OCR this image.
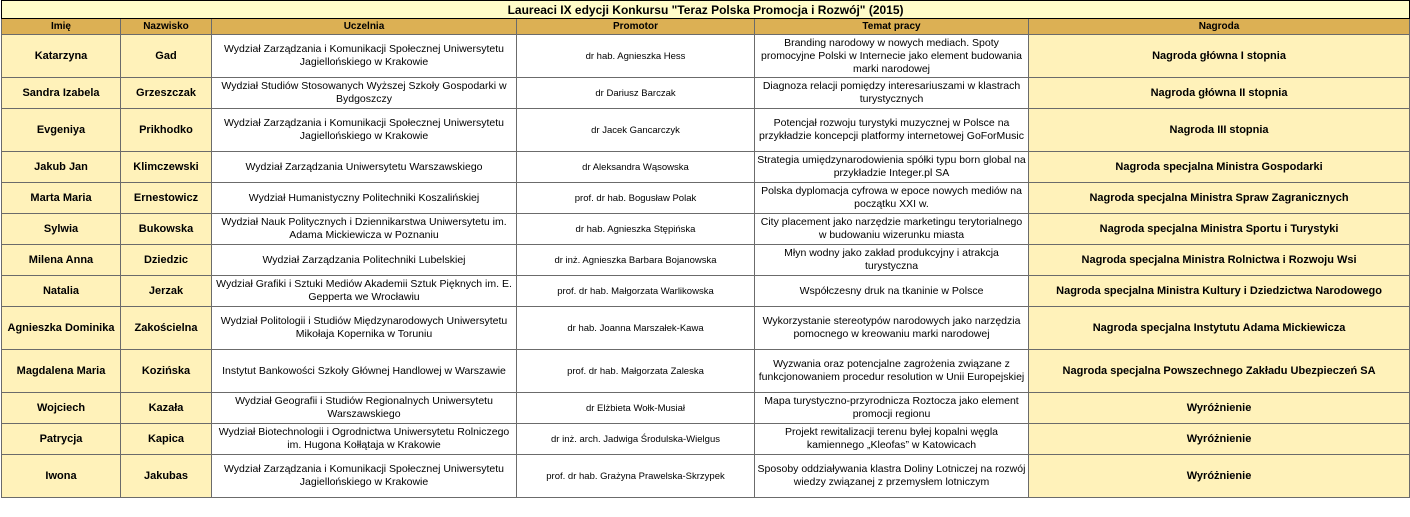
Laureaci IX edycji Konkursu "Teraz Polska Promocja i Rozwój" (2015)					
Imię	Nazwisko	Uczelnia	Promotor	Temat pracy	Nagroda
Katarzyna	Gad	Wydział Zarządzania i Komunikacji Społecznej Uniwersytetu Jagiellońskiego w Krakowie	dr hab. Agnieszka Hess	Branding narodowy w nowych mediach. Spoty promocyjne Polski w Internecie jako element budowania marki narodowej	Nagroda główna I stopnia
Sandra Izabela	Grzeszczak	Wydział Studiów Stosowanych Wyższej Szkoły Gospodarki w Bydgoszczy	dr Dariusz Barczak	Diagnoza relacji pomiędzy interesariuszami w klastrach turystycznych	Nagroda główna II stopnia
Evgeniya	Prikhodko	Wydział Zarządzania i Komunikacji Społecznej Uniwersytetu Jagiellońskiego w Krakowie	dr Jacek Gancarczyk	Potencjał rozwoju turystyki muzycznej w Polsce na przykładzie koncepcji platformy internetowej GoForMusic	Nagroda III stopnia
Jakub Jan	Klimczewski	Wydział Zarządzania Uniwersytetu Warszawskiego	dr Aleksandra Wąsowska	Strategia umiędzynarodowienia spółki typu born global na przykładzie Integer.pl SA	Nagroda specjalna Ministra Gospodarki
Marta Maria	Ernestowicz	Wydział Humanistyczny Politechniki Koszalińskiej	prof. dr hab. Bogusław Polak	Polska dyplomacja cyfrowa w epoce nowych mediów na początku XXI w.	Nagroda specjalna Ministra Spraw Zagranicznych
Sylwia	Bukowska	Wydział Nauk Politycznych i Dziennikarstwa Uniwersytetu im. Adama Mickiewicza w Poznaniu	dr hab. Agnieszka Stępińska	City placement jako narzędzie marketingu terytorialnego w budowaniu wizerunku miasta	Nagroda specjalna Ministra Sportu i Turystyki
Milena Anna	Dziedzic	Wydział Zarządzania Politechniki Lubelskiej	dr inż. Agnieszka Barbara Bojanowska	Młyn wodny jako zakład produkcyjny i atrakcja turystyczna	Nagroda specjalna Ministra Rolnictwa i Rozwoju Wsi
Natalia	Jerzak	Wydział Grafiki i Sztuki Mediów Akademii Sztuk Pięknych im. E. Gepperta we Wrocławiu	prof. dr hab. Małgorzata Warlikowska	Współczesny druk na tkaninie w Polsce	Nagroda specjalna Ministra Kultury i Dziedzictwa Narodowego
Agnieszka Dominika	Zakościelna	Wydział Politologii i Studiów Międzynarodowych Uniwersytetu Mikołaja Kopernika w Toruniu	dr hab. Joanna Marszałek-Kawa	Wykorzystanie stereotypów narodowych jako narzędzia pomocnego w kreowaniu marki narodowej	Nagroda specjalna Instytutu Adama Mickiewicza
Magdalena Maria	Kozińska	Instytut Bankowości Szkoły Głównej Handlowej w Warszawie	prof. dr hab. Małgorzata Zaleska	Wyzwania oraz potencjalne zagrożenia związane z funkcjonowaniem procedur resolution w Unii Europejskiej	Nagroda specjalna Powszechnego Zakładu Ubezpieczeń SA
Wojciech	Kazała	Wydział Geografii i Studiów Regionalnych Uniwersytetu Warszawskiego	dr Elżbieta Wołk-Musiał	Mapa turystyczno-przyrodnicza Roztocza jako element promocji regionu	Wyróżnienie
Patrycja	Kapica	Wydział Biotechnologii i Ogrodnictwa Uniwersytetu Rolniczego im. Hugona Kołłątaja w Krakowie	dr inż. arch. Jadwiga Środulska-Wielgus	Projekt rewitalizacji terenu byłej kopalni węgla kamiennego „Kleofas” w Katowicach	Wyróżnienie
Iwona	Jakubas	Wydział Zarządzania i Komunikacji Społecznej Uniwersytetu Jagiellońskiego w Krakowie	prof. dr hab. Grażyna Prawelska-Skrzypek	Sposoby oddziaływania klastra Doliny Lotniczej na rozwój wiedzy związanej z przemysłem lotniczym	Wyróżnienie
